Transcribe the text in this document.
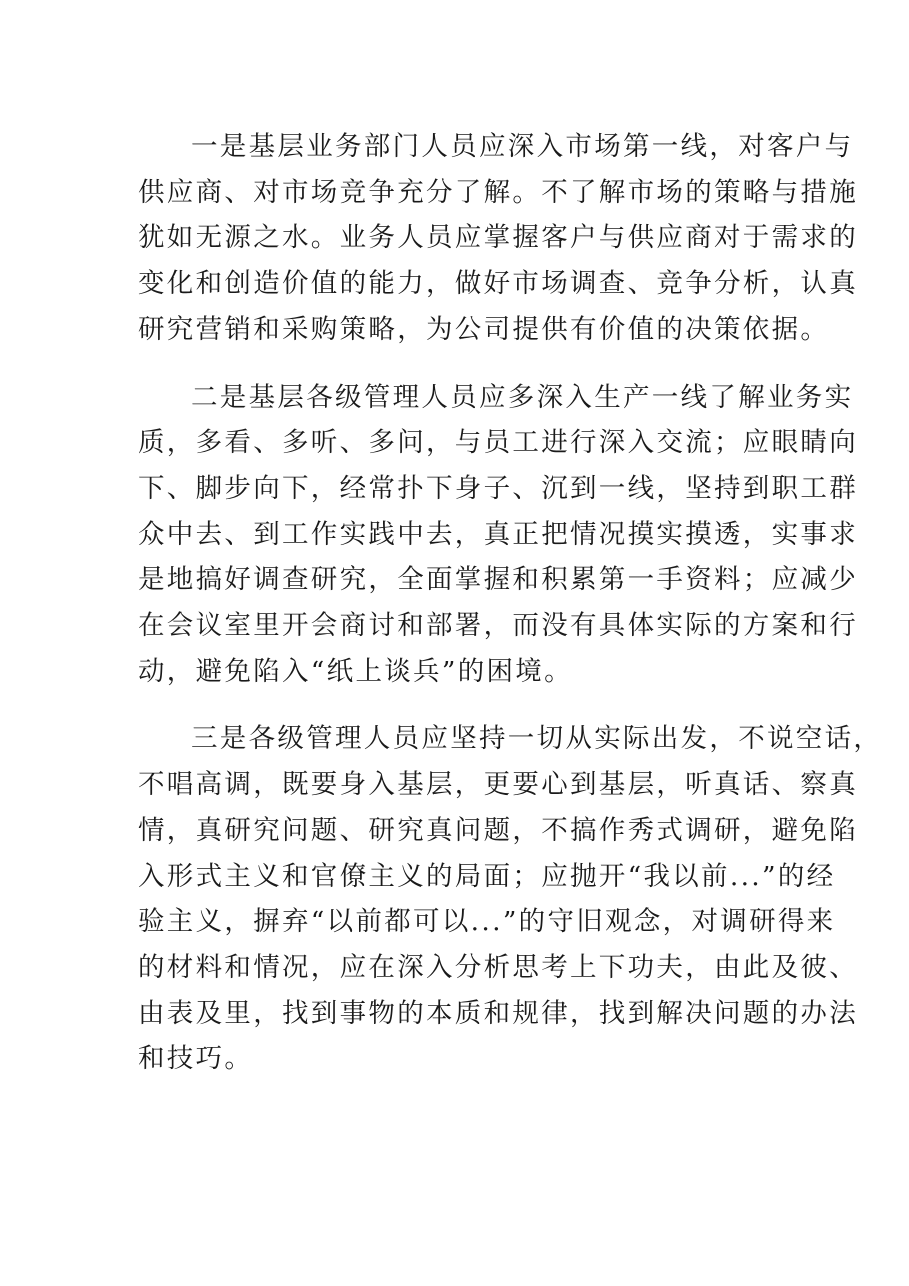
一是基层业务部门人员应深入市场第一线，对客户与
供应商、对市场竞争充分了解。不了解市场的策略与措施
犹如无源之水。业务人员应掌握客户与供应商对于需求的
变化和创造价值的能力，做好市场调查、竞争分析，认真
研究营销和采购策略，为公司提供有价值的决策依据。

二是基层各级管理人员应多深入生产一线了解业务实
质，多看、多听、多问，与员工进行深入交流；应眼睛向
下、脚步向下，经常扑下身子、沉到一线，坚持到职工群
众中去、到工作实践中去，真正把情况摸实摸透，实事求
是地搞好调查研究，全面掌握和积累第一手资料；应减少
在会议室里开会商讨和部署，而没有具体实际的方案和行
动，避免陷入“纸上谈兵”的困境。

三是各级管理人员应坚持一切从实际出发，不说空话，
不唱高调，既要身入基层，更要心到基层，听真话、察真
情，真研究问题、研究真问题，不搞作秀式调研，避免陷
入形式主义和官僚主义的局面；应抛开“我以前...”的经
验主义，摒弃“以前都可以...”的守旧观念，对调研得来
的材料和情况，应在深入分析思考上下功夫，由此及彼、
由表及里，找到事物的本质和规律，找到解决问题的办法
和技巧。
